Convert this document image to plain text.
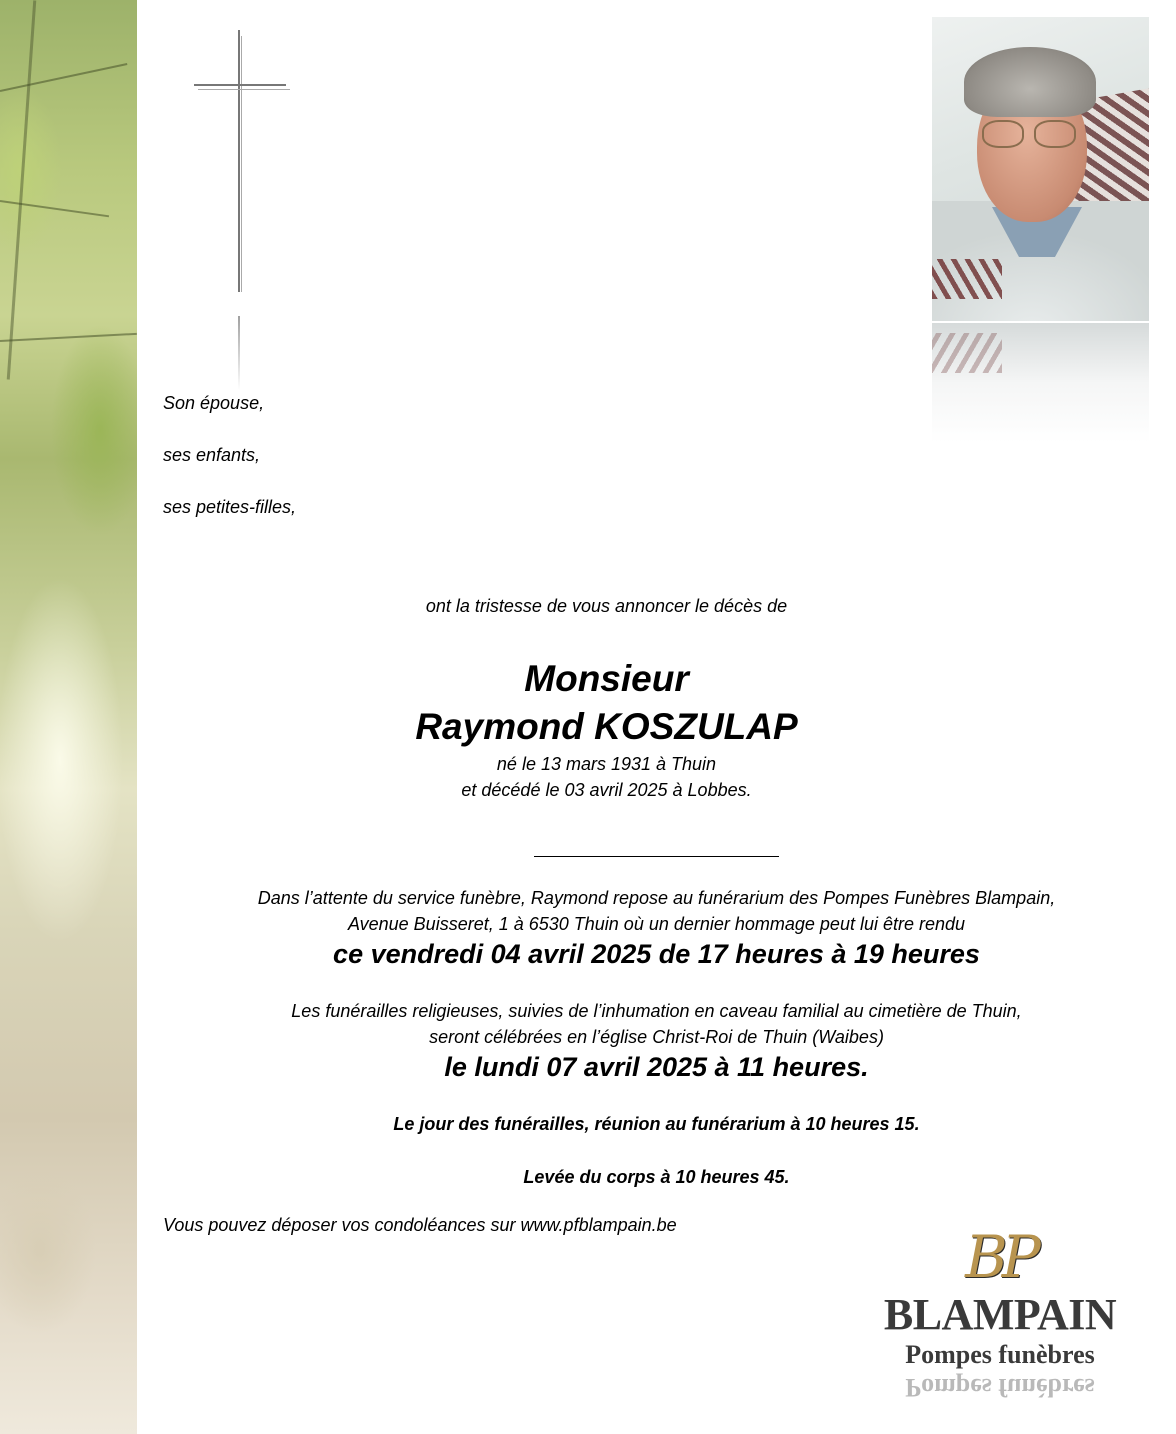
Son épouse,
ses enfants,
ses petites-filles,
ont la tristesse de vous annoncer le décès de
Monsieur
Raymond KOSZULAP
né le 13 mars 1931 à Thuin
et décédé le 03 avril 2025 à Lobbes.
Dans l’attente du service funèbre, Raymond repose au funérarium des Pompes Funèbres Blampain,
Avenue Buisseret, 1 à 6530 Thuin où un dernier hommage peut lui être rendu
ce vendredi 04 avril 2025 de 17 heures à 19 heures
Les funérailles religieuses, suivies de l’inhumation en caveau familial au cimetière de Thuin,
seront célébrées en l’église Christ-Roi de Thuin (Waibes)
le lundi 07 avril 2025 à 11 heures.
Le jour des funérailles, réunion au funérarium à 10 heures 15.
Levée du corps à 10 heures 45.
Vous pouvez déposer vos condoléances sur www.pfblampain.be	BP
BLAMPAIN
Pompes funèbres
Pompes funèbres
